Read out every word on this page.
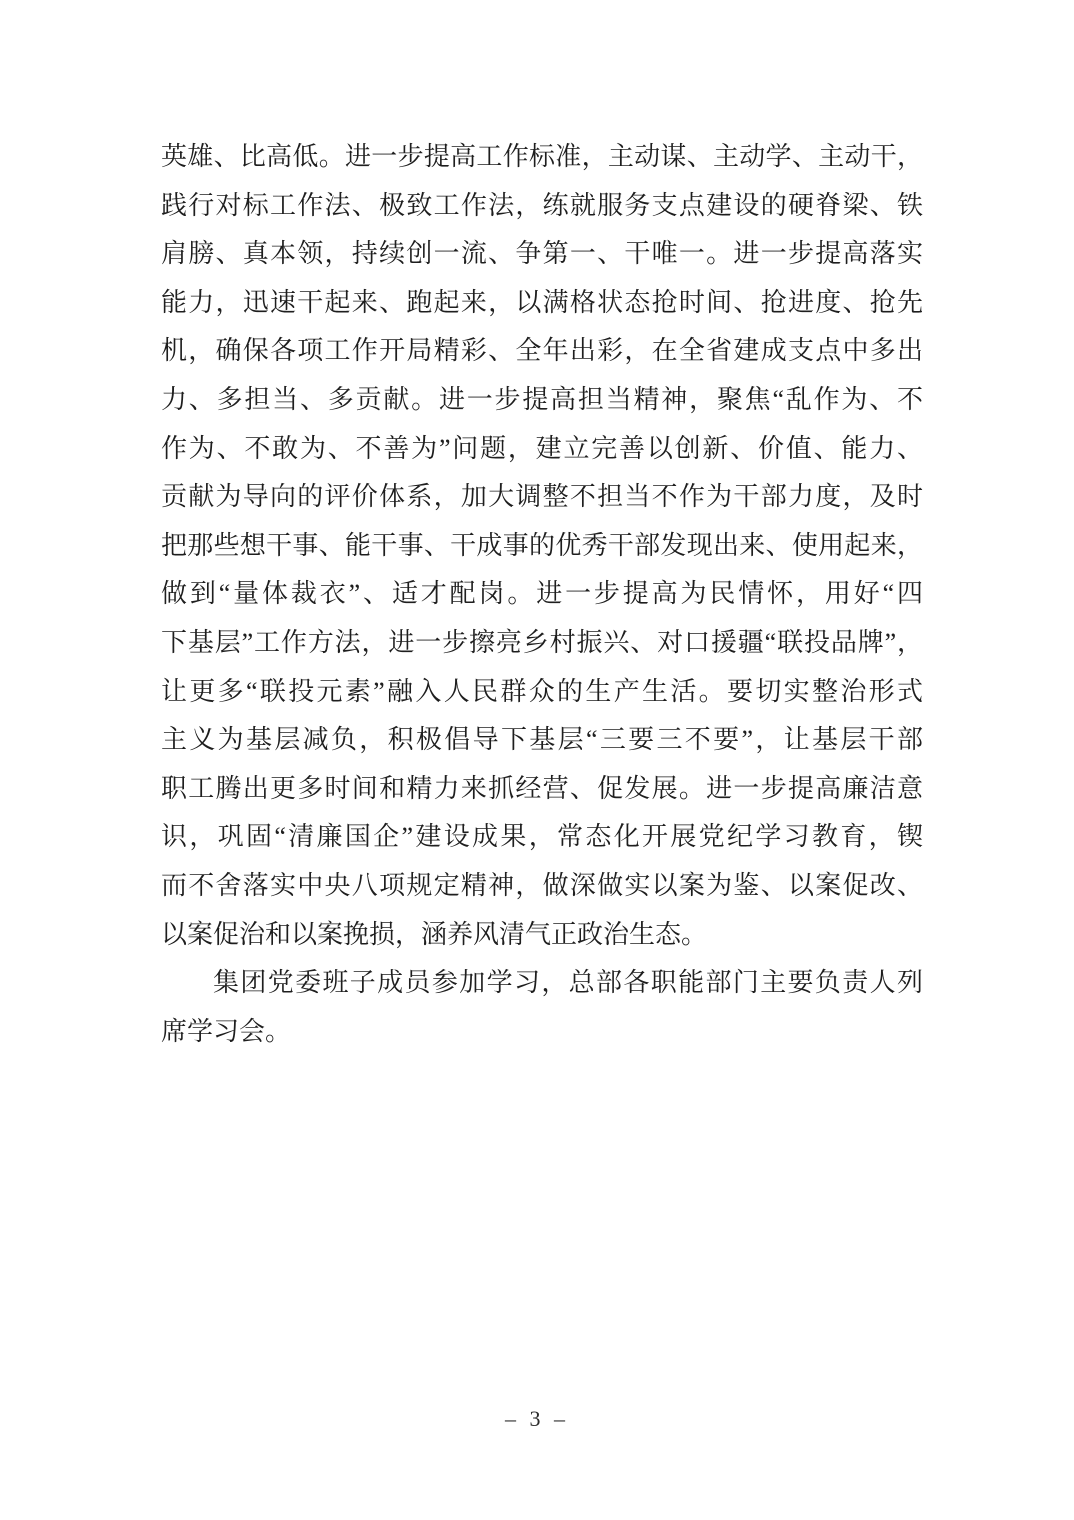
英雄、比高低。进一步提高工作标准，主动谋、主动学、主动干，
践行对标工作法、极致工作法，练就服务支点建设的硬脊梁、铁
肩膀、真本领，持续创一流、争第一、干唯一。进一步提高落实
能力，迅速干起来、跑起来，以满格状态抢时间、抢进度、抢先
机，确保各项工作开局精彩、全年出彩，在全省建成支点中多出
力、多担当、多贡献。进一步提高担当精神，聚焦“乱作为、不
作为、不敢为、不善为”问题，建立完善以创新、价值、能力、
贡献为导向的评价体系，加大调整不担当不作为干部力度，及时
把那些想干事、能干事、干成事的优秀干部发现出来、使用起来，
做到“量体裁衣”、适才配岗。进一步提高为民情怀，用好“四
下基层”工作方法，进一步擦亮乡村振兴、对口援疆“联投品牌”，
让更多“联投元素”融入人民群众的生产生活。要切实整治形式
主义为基层减负，积极倡导下基层“三要三不要”，让基层干部
职工腾出更多时间和精力来抓经营、促发展。进一步提高廉洁意
识，巩固“清廉国企”建设成果，常态化开展党纪学习教育，锲
而不舍落实中央八项规定精神，做深做实以案为鉴、以案促改、
以案促治和以案挽损，涵养风清气正政治生态。
集团党委班子成员参加学习，总部各职能部门主要负责人列
席学习会。
– 3 –
